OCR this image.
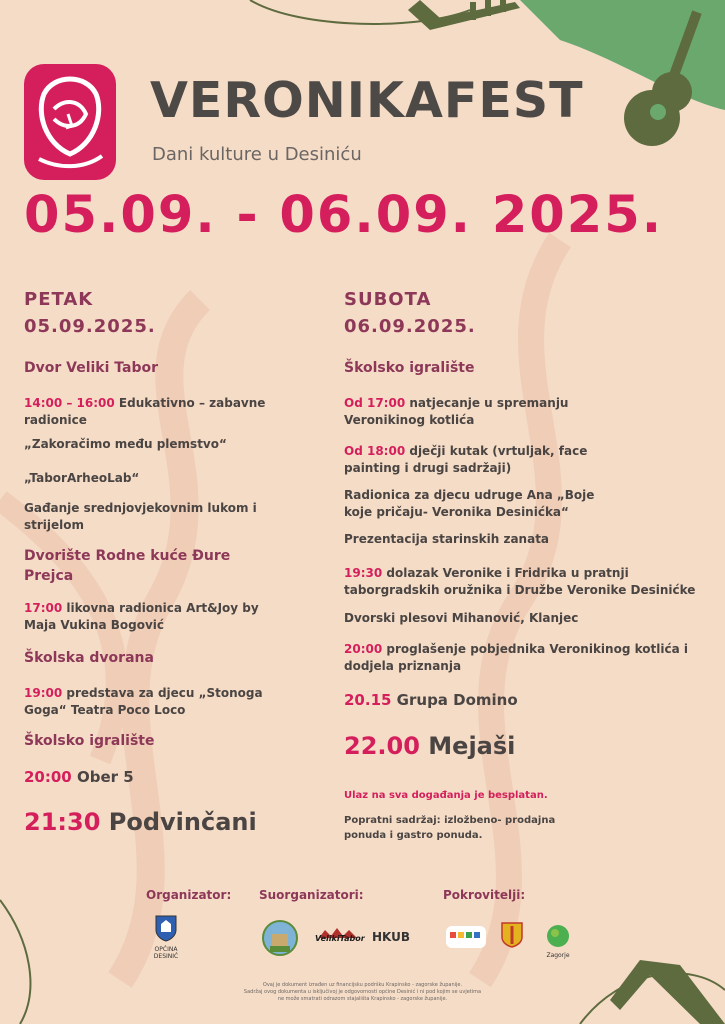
VERONIKAFEST
Dani kulture u Desiniću
05.09. - 06.09. 2025.
PETAK
05.09.2025.
Dvor Veliki Tabor
14:00 – 16:00 Edukativno – zabavne radionice
„Zakoračimo među plemstvo“
„TaborArheoLab“
Gađanje srednjovjekovnim lukom i strijelom
Dvorište Rodne kuće Đure Prejca
17:00 likovna radionica Art&Joy by Maja Vukina Bogović
Školska dvorana
19:00 predstava za djecu „Stonoga Goga“ Teatra Poco Loco
Školsko igralište
20:00 Ober 5
21:30 Podvinčani
SUBOTA
06.09.2025.
Školsko igralište
Od 17:00 natjecanje u spremanju Veronikinog kotlića
Od 18:00 dječji kutak (vrtuljak, face painting i drugi sadržaji)
Radionica za djecu udruge Ana „Boje koje pričaju- Veronika Desinićka“
Prezentacija starinskih zanata
19:30 dolazak Veronike i Fridrika u pratnji taborgradskih oružnika i Družbe Veronike Desinićke
Dvorski plesovi Mihanović, Klanjec
20:00 proglašenje pobjednika Veronikinog kotlića i dodjela priznanja
20.15 Grupa Domino
22.00 Mejaši
Ulaz na sva događanja je besplatan.
Popratni sadržaj: izložbeno- prodajna ponuda i gastro ponuda.
Organizator: Suorganizatori:	Pokrovitelji:
OPĆINA DESINIĆ
VelikiTabor HKUB
Zagorje
Ovaj je dokument izrađen uz financijsku podršku Krapinsko - zagorske županije.
Sadržaj ovog dokumenta u isključivoj je odgovornosti općine Desinić i ni pod kojim se uvjetima
ne može smatrati odrazom stajališta Krapinsko - zagorske županije.
